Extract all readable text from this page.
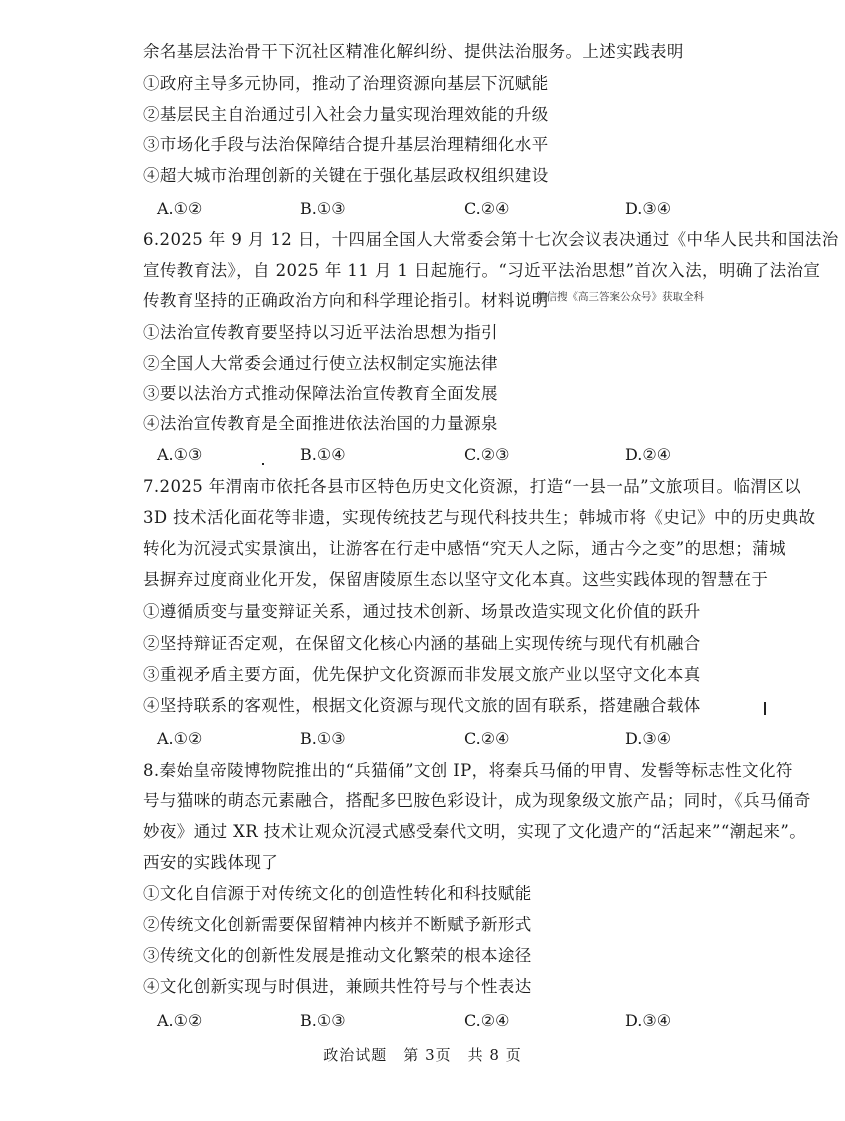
余名基层法治骨干下沉社区精准化解纠纷、提供法治服务。上述实践表明
①政府主导多元协同，推动了治理资源向基层下沉赋能
②基层民主自治通过引入社会力量实现治理效能的升级
③市场化手段与法治保障结合提升基层治理精细化水平
④超大城市治理创新的关键在于强化基层政权组织建设
A.①②	B.①③	C.②④	D.③④
6.2025 年 9 月 12 日，十四届全国人大常委会第十七次会议表决通过《中华人民共和国法治
宣传教育法》，自 2025 年 11 月 1 日起施行。“习近平法治思想”首次入法，明确了法治宣
传教育坚持的正确政治方向和科学理论指引。材料说明
微信搜《高三答案公众号》获取全科
①法治宣传教育要坚持以习近平法治思想为指引
②全国人大常委会通过行使立法权制定实施法律
③要以法治方式推动保障法治宣传教育全面发展
④法治宣传教育是全面推进依法治国的力量源泉
A.①③	B.①④	C.②③	D.②④
7.2025 年渭南市依托各县市区特色历史文化资源，打造“一县一品”文旅项目。临渭区以
3D 技术活化面花等非遗，实现传统技艺与现代科技共生；韩城市将《史记》中的历史典故
转化为沉浸式实景演出，让游客在行走中感悟“究天人之际，通古今之变”的思想；蒲城
县摒弃过度商业化开发，保留唐陵原生态以坚守文化本真。这些实践体现的智慧在于
①遵循质变与量变辩证关系，通过技术创新、场景改造实现文化价值的跃升
②坚持辩证否定观，在保留文化核心内涵的基础上实现传统与现代有机融合
③重视矛盾主要方面，优先保护文化资源而非发展文旅产业以坚守文化本真
④坚持联系的客观性，根据文化资源与现代文旅的固有联系，搭建融合载体
A.①②	B.①③	C.②④	D.③④
8.秦始皇帝陵博物院推出的“兵猫俑”文创 IP，将秦兵马俑的甲胄、发髻等标志性文化符
号与猫咪的萌态元素融合，搭配多巴胺色彩设计，成为现象级文旅产品；同时，《兵马俑奇
妙夜》通过 XR 技术让观众沉浸式感受秦代文明，实现了文化遗产的“活起来”“潮起来”。
西安的实践体现了
①文化自信源于对传统文化的创造性转化和科技赋能
②传统文化创新需要保留精神内核并不断赋予新形式
③传统文化的创新性发展是推动文化繁荣的根本途径
④文化创新实现与时俱进，兼顾共性符号与个性表达
A.①②	B.①③	C.②④	D.③④
政治试题　第 3页　共 8 页
